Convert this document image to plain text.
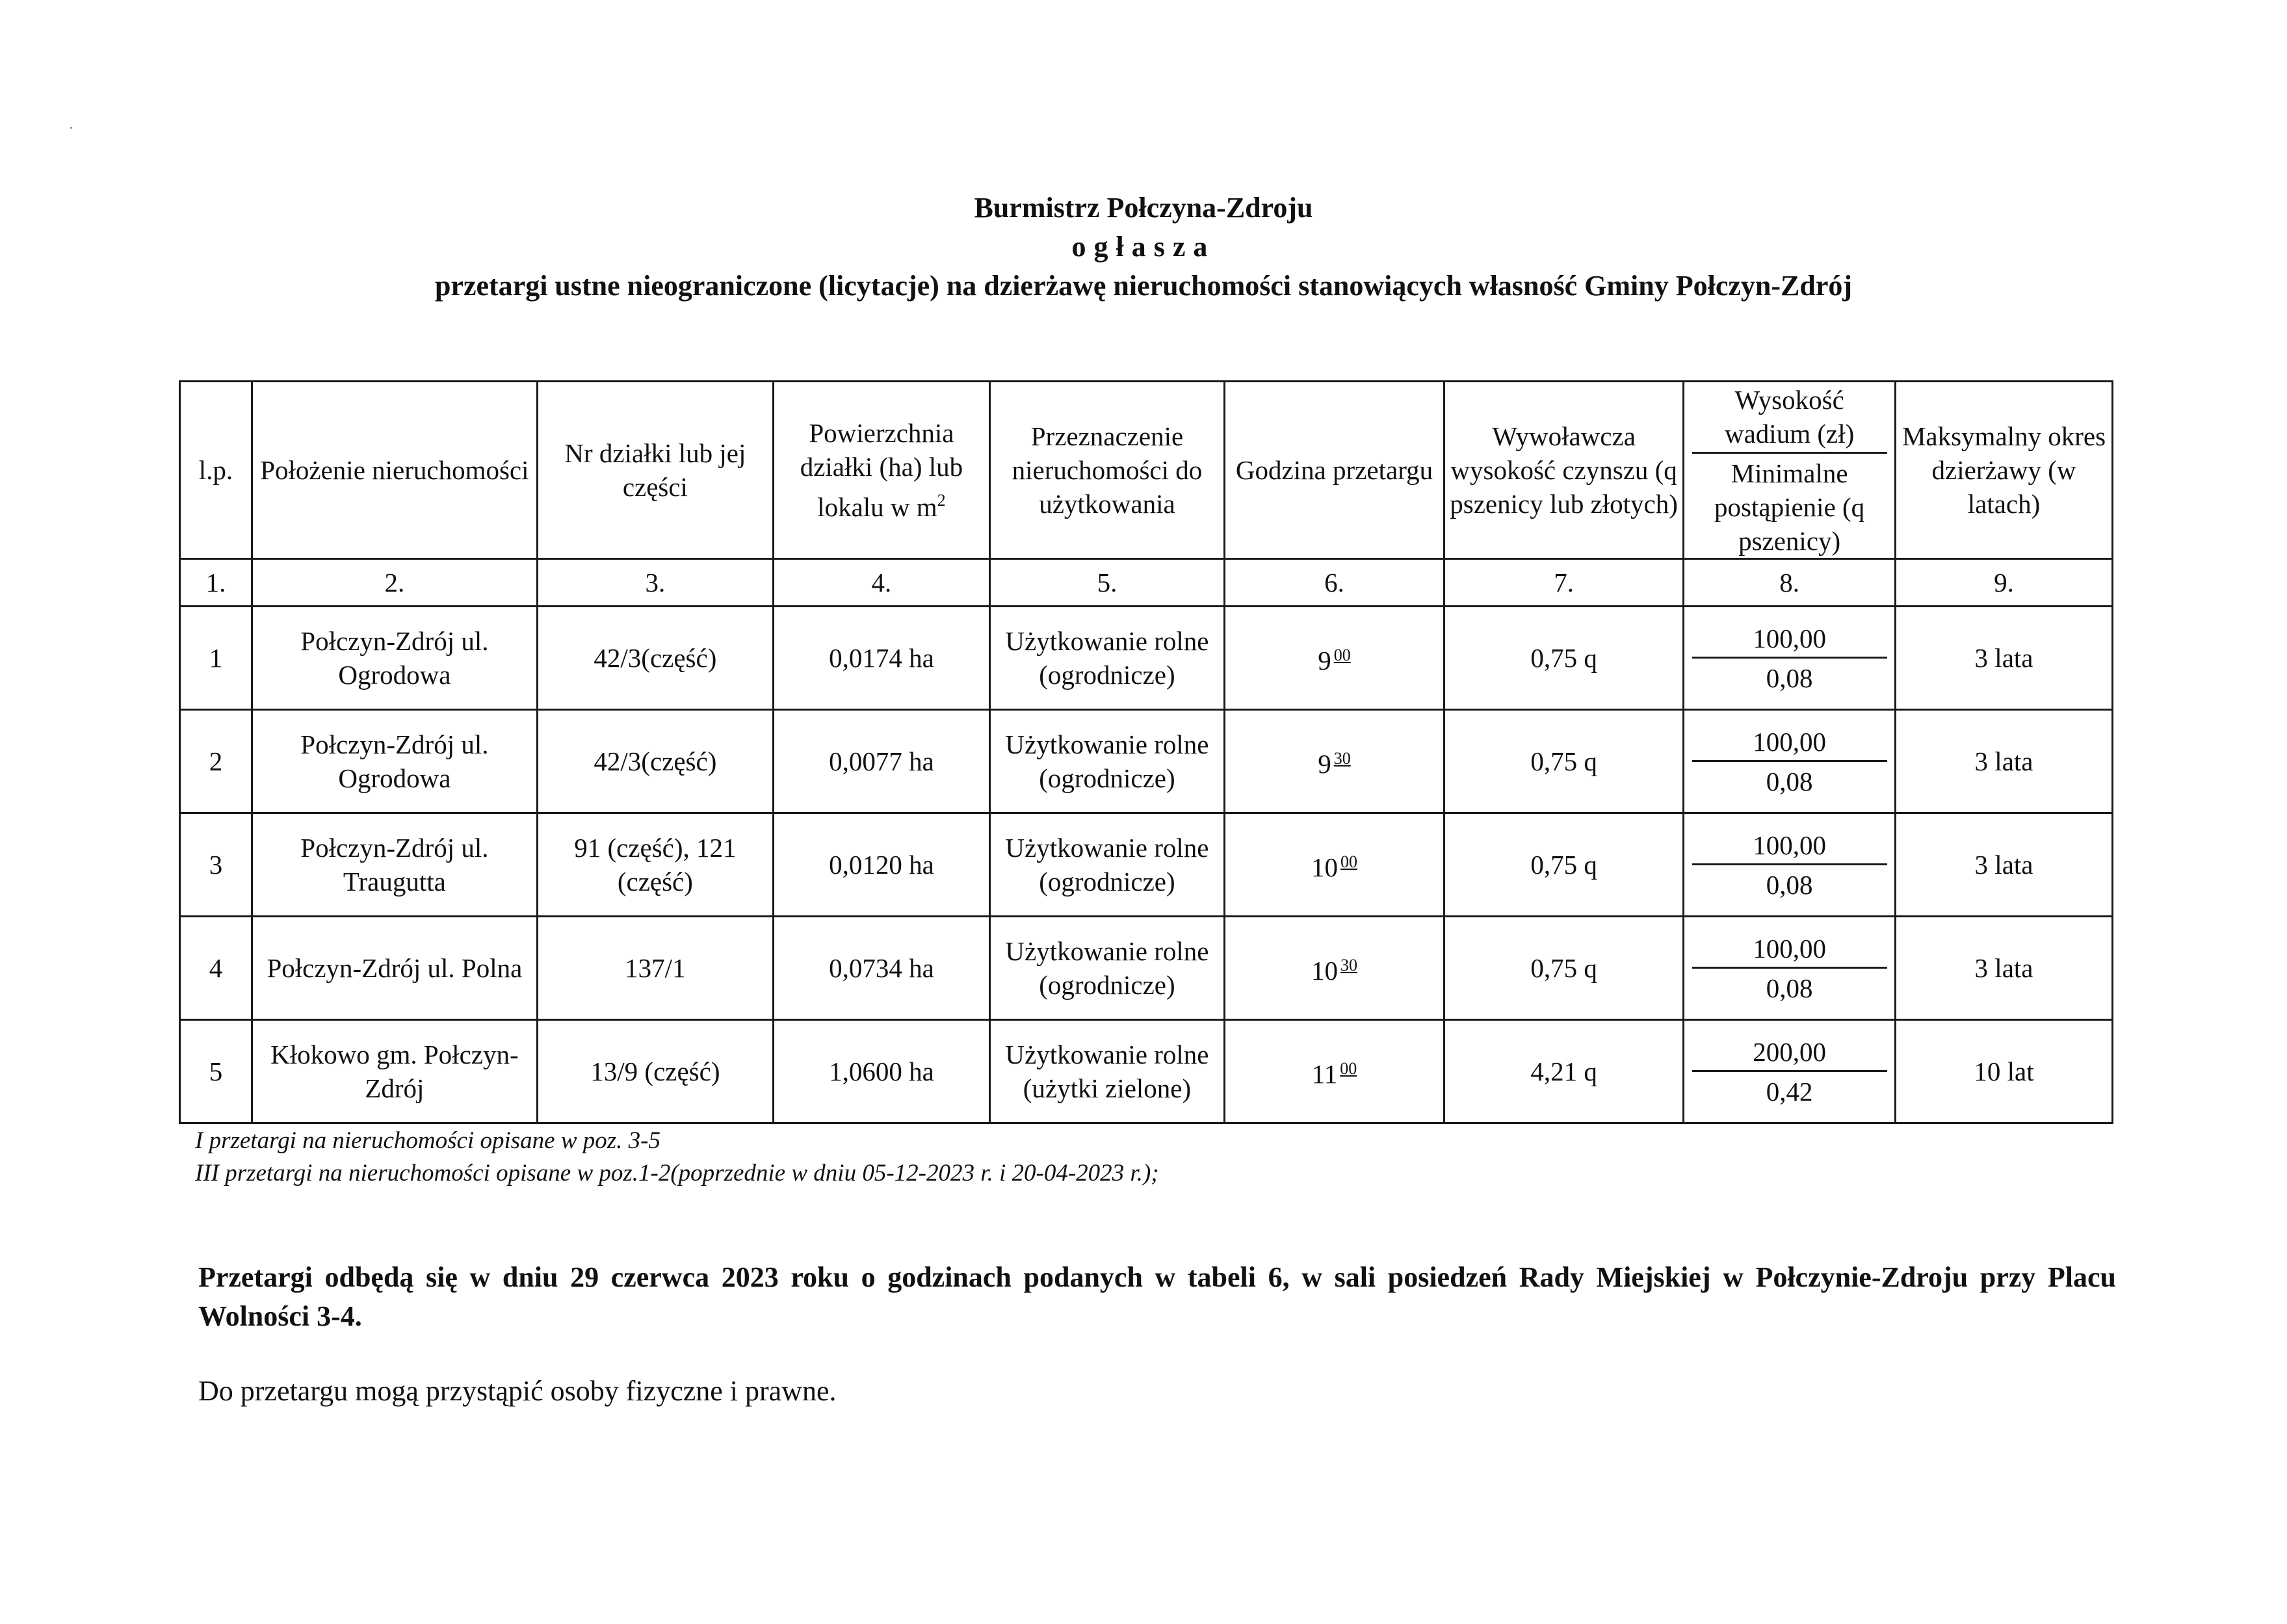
Burmistrz Połczyna-Zdroju
ogłasza
przetargi ustne nieograniczone (licytacje) na dzierżawę nieruchomości stanowiących własność Gminy Połczyn-Zdrój
l.p.	Położenie nieruchomości	Nr działki lub jej części	Powierzchnia działki (ha) lub lokalu w $m^2$	Przeznaczenie nieruchomości do użytkowania	Godzina przetargu	Wywoławcza wysokość czynszu (q pszenicy lub złotych)	$\frac{\text{Wysokość wadium (zł)}}{\text{Minimalne postąpienie (q pszenicy)}}$	Maksymalny okres dzierżawy (w latach)
1.	2.	3.	4.	5.	6.	7.	8.	9.
1	Połczyn-Zdrój ul. Ogrodowa	42/3(część)	0,0174 ha	Użytkowanie rolne (ogrodnicze)	9 $^{00}$	0,75 q	$\frac{100,00}{0,08}$	3 lata
2	Połczyn-Zdrój ul. Ogrodowa	42/3(część)	0,0077 ha	Użytkowanie rolne (ogrodnicze)	9 $^{30}$	0,75 q	$\frac{100,00}{0,08}$	3 lata
3	Połczyn-Zdrój ul. Traugutta	91 (część), 121 (część)	0,0120 ha	Użytkowanie rolne (ogrodnicze)	10 $^{00}$	0,75 q	$\frac{100,00}{0,08}$	3 lata
4	Połczyn-Zdrój ul. Polna	137/1	0,0734 ha	Użytkowanie rolne (ogrodnicze)	10 $^{30}$	0,75 q	$\frac{100,00}{0,08}$	3 lata
5	Kłokowo gm. Połczyn-Zdrój	13/9 (część)	1,0600 ha	Użytkowanie rolne (użytki zielone)	11 $^{00}$	4,21 q	$\frac{200,00}{0,42}$	10 lat
I przetargi na nieruchomości opisane w poz. 3-5
III przetargi na nieruchomości opisane w poz.1-2(poprzednie w dniu 05-12-2023 r. i 20-04-2023 r.);
Przetargi odbędą się w dniu 29 czerwca 2023 roku o godzinach podanych w tabeli 6, w sali posiedzeń Rady Miejskiej w Połczynie-Zdroju przy Placu Wolności 3-4.
Do przetargu mogą przystąpić osoby fizyczne i prawne.
